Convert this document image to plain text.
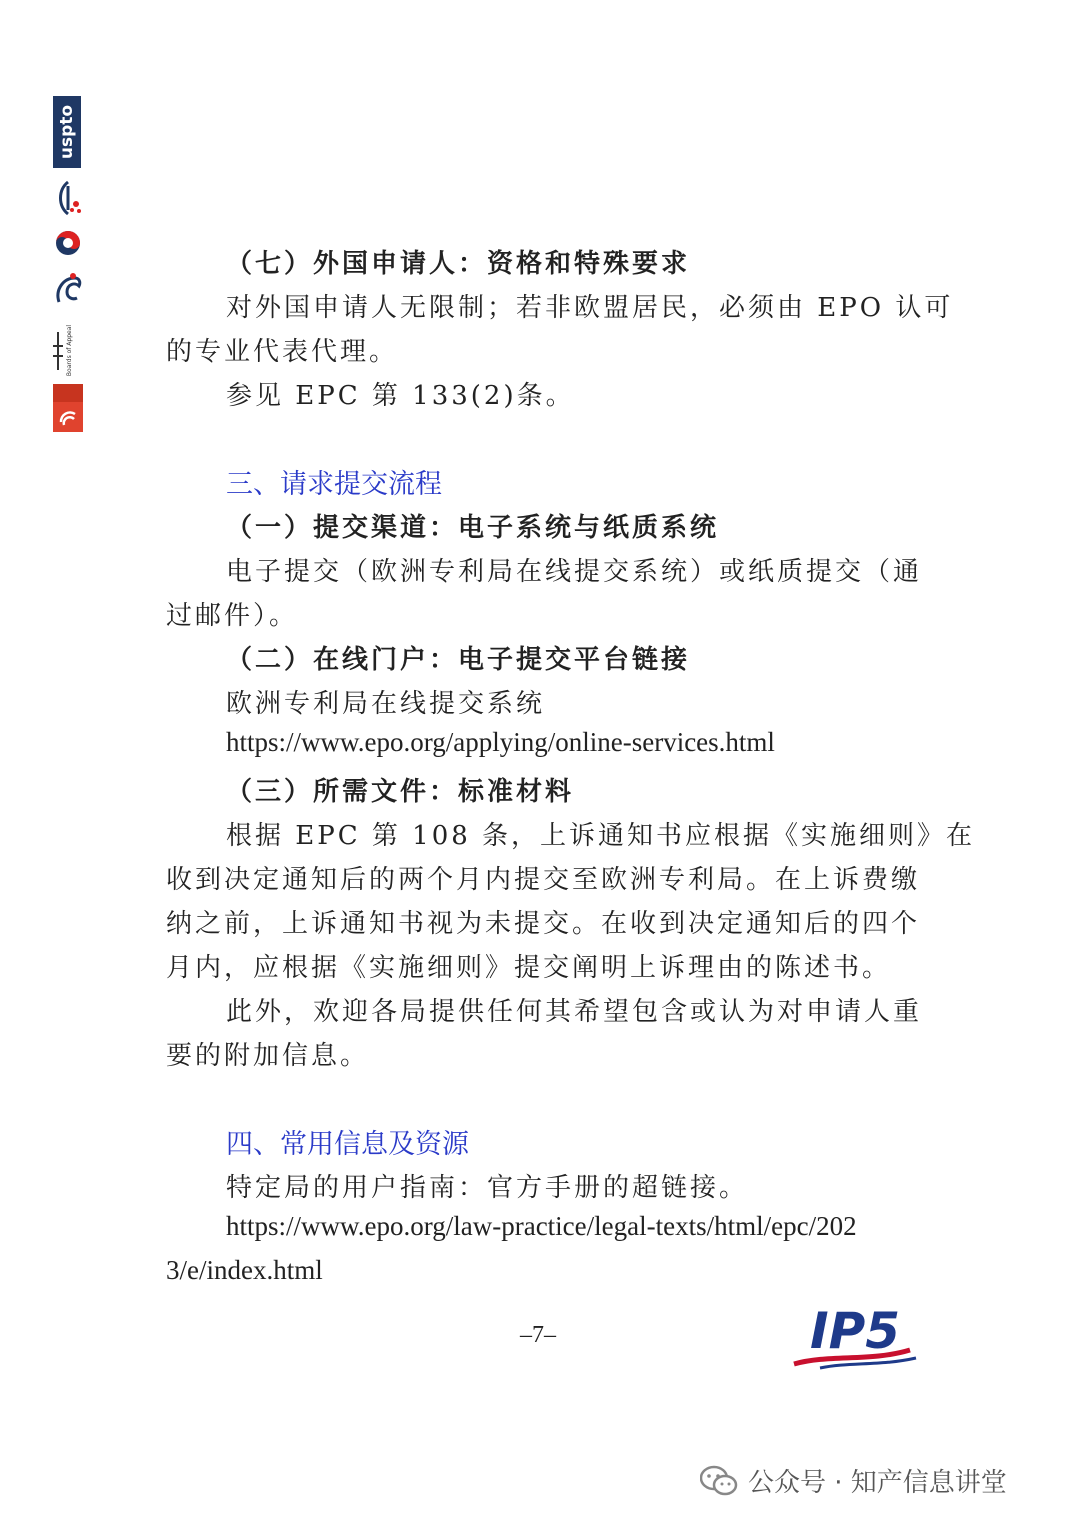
uspto
Boards of Appeal
（七）外国申请人：资格和特殊要求
对外国申请人无限制；若非欧盟居民，必须由 EPO 认可
的专业代表代理。
参见 EPC 第 133(2)条。
三、请求提交流程
（一）提交渠道：电子系统与纸质系统
电子提交（欧洲专利局在线提交系统）或纸质提交（通
过邮件）。
（二）在线门户：电子提交平台链接
欧洲专利局在线提交系统
https://www.epo.org/applying/online-services.html
（三）所需文件：标准材料
根据 EPC 第 108 条，上诉通知书应根据《实施细则》在
收到决定通知后的两个月内提交至欧洲专利局。在上诉费缴
纳之前，上诉通知书视为未提交。在收到决定通知后的四个
月内，应根据《实施细则》提交阐明上诉理由的陈述书。
此外，欢迎各局提供任何其希望包含或认为对申请人重
要的附加信息。
四、常用信息及资源
特定局的用户指南：官方手册的超链接。
https://www.epo.org/law-practice/legal-texts/html/epc/202
3/e/index.html
–7–	IP5
公众号 · 知产信息讲堂
